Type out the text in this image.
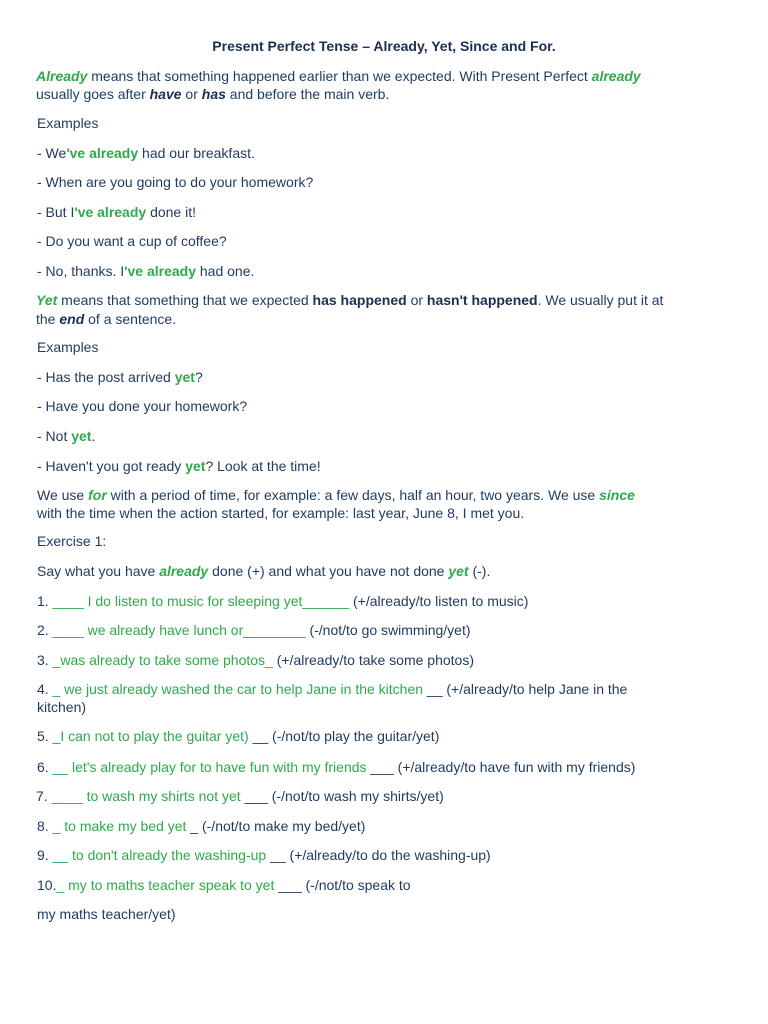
Present Perfect Tense – Already, Yet, Since and For.
Already means that something happened earlier than we expected. With Present Perfect already
usually goes after have or has and before the main verb.
Examples
- We've already had our breakfast.
- When are you going to do your homework?
- But I've already done it!
- Do you want a cup of coffee?
- No, thanks. I've already had one.
Yet means that something that we expected has happened or hasn't happened. We usually put it at
the end of a sentence.
Examples
- Has the post arrived yet?
- Have you done your homework?
- Not yet.
- Haven't you got ready yet? Look at the time!
We use for with a period of time, for example: a few days, half an hour, two years. We use since
with the time when the action started, for example: last year, June 8, I met you.
Exercise 1:
Say what you have already done (+) and what you have not done yet (-).
1. ____ I do listen to music for sleeping yet______ (+/already/to listen to music)
2. ____ we already have lunch or________ (-/not/to go swimming/yet)
3. _was already to take some photos_ (+/already/to take some photos)
4. _ we just already washed the car to help Jane in the kitchen __ (+/already/to help Jane in the
kitchen)
5. _I can not to play the guitar yet) __ (-/not/to play the guitar/yet)
6. __ let's already play for to have fun with my friends ___ (+/already/to have fun with my friends)
7. ____ to wash my shirts not yet ___ (-/not/to wash my shirts/yet)
8. _ to make my bed yet _ (-/not/to make my bed/yet)
9. __ to don't already the washing-up __ (+/already/to do the washing-up)
10._ my to maths teacher speak to yet ___ (-/not/to speak to
my maths teacher/yet)
